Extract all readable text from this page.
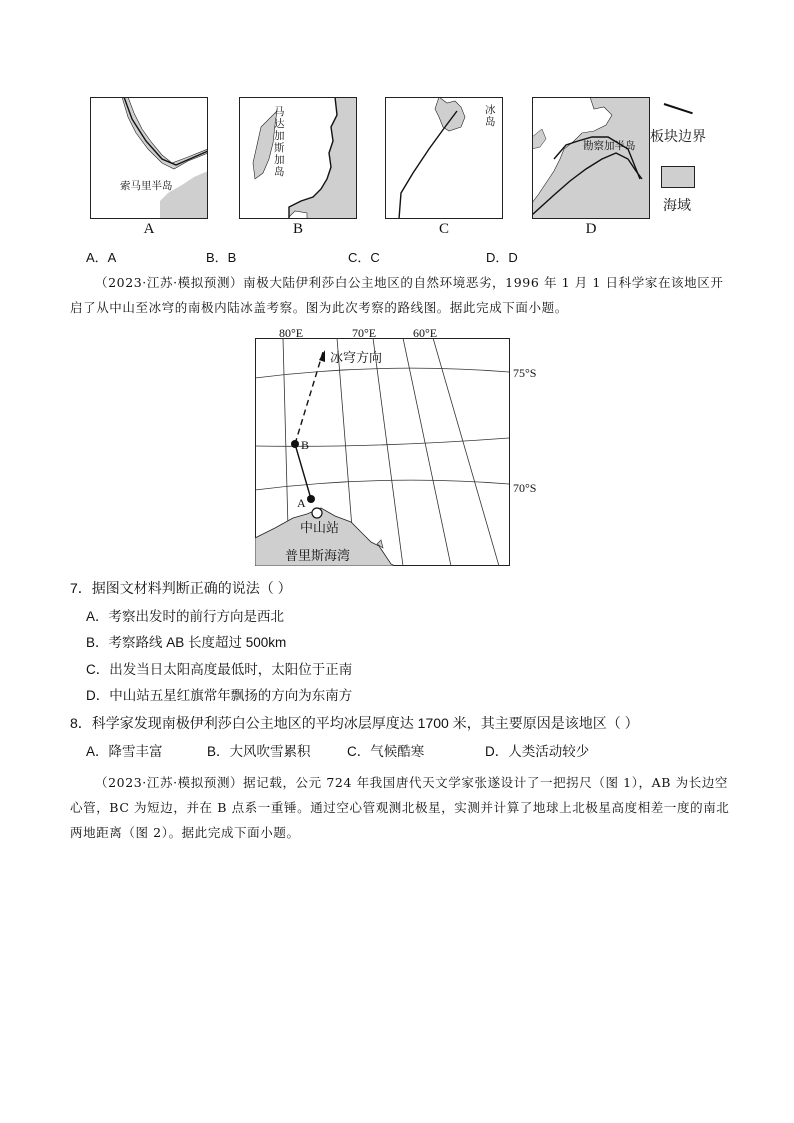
索马里半岛
马达加斯加岛
冰岛
勘察加半岛
A	B	C	D
板块边界
海域
A．A	B．B	C．C	D．D
（2023·江苏·模拟预测）南极大陆伊利莎白公主地区的自然环境恶劣，1996 年 1 月 1 日科学家在该地区开启了从中山至冰穹的南极内陆冰盖考察。图为此次考察的路线图。据此完成下面小题。
80°E	70°E	60°E
75°S
70°S
冰穹方向
B
A
中山站
普里斯海湾
7．据图文材料判断正确的说法（ ）
A．考察出发时的前行方向是西北
B．考察路线 AB 长度超过 500km
C．出发当日太阳高度最低时，太阳位于正南
D．中山站五星红旗常年飘扬的方向为东南方
8．科学家发现南极伊利莎白公主地区的平均冰层厚度达 1700 米，其主要原因是该地区（ ）
A．降雪丰富	B．大风吹雪累积	C．气候酷寒	D．人类活动较少
（2023·江苏·模拟预测）据记载，公元 724 年我国唐代天文学家张遂设计了一把拐尺（图 1），AB 为长边空心管，BC 为短边，并在 B 点系一重锤。通过空心管观测北极星，实测并计算了地球上北极星高度相差一度的南北两地距离（图 2）。据此完成下面小题。
